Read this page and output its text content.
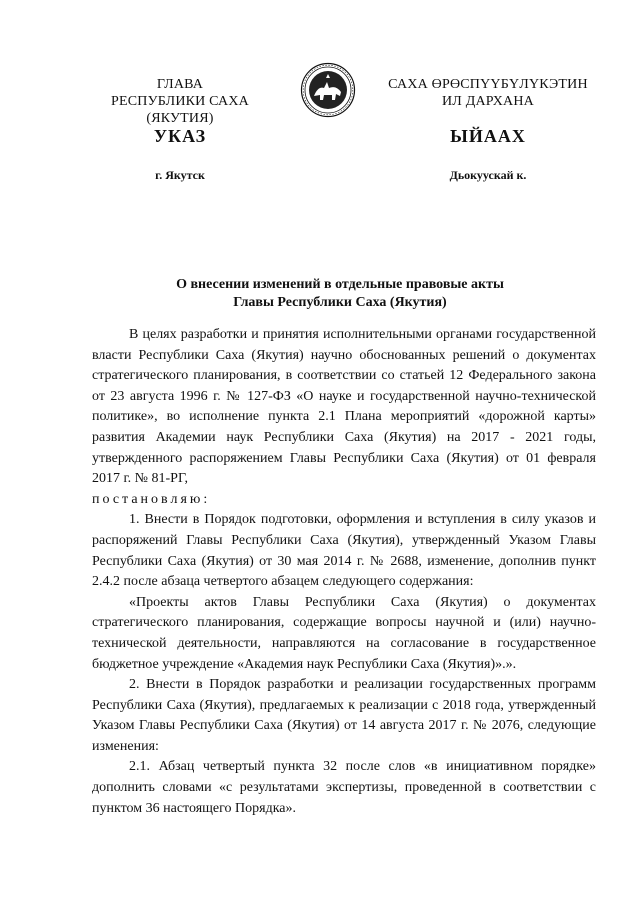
ГЛАВА
РЕСПУБЛИКИ САХА (ЯКУТИЯ)
САХА ӨРӨСПҮҮБҮЛҮКЭТИН
ИЛ ДАРХАНА
УКАЗ	ЫЙААХ
г. Якутск	Дьокуускай к.
О внесении изменений в отдельные правовые акты
Главы Республики Саха (Якутия)

В целях разработки и принятия исполнительными органами государственной власти Республики Саха (Якутия) научно обоснованных решений о документах стратегического планирования, в соответствии со статьей 12 Федерального закона от 23 августа 1996 г. № 127-ФЗ «О науке и государственной научно-технической политике», во исполнение пункта 2.1 Плана мероприятий «дорожной карты» развития Академии наук Республики Саха (Якутия) на 2017 - 2021 годы, утвержденного распоряжением Главы Республики Саха (Якутия) от 01 февраля 2017 г. № 81-РГ,
постановляю:

1. Внести в Порядок подготовки, оформления и вступления в силу указов и распоряжений Главы Республики Саха (Якутия), утвержденный Указом Главы Республики Саха (Якутия) от 30 мая 2014 г. № 2688, изменение, дополнив пункт 2.4.2 после абзаца четвертого абзацем следующего содержания:

«Проекты актов Главы Республики Саха (Якутия) о документах стратегического планирования, содержащие вопросы научной и (или) научно-технической деятельности, направляются на согласование в государственное бюджетное учреждение «Академия наук Республики Саха (Якутия)».».

2. Внести в Порядок разработки и реализации государственных программ Республики Саха (Якутия), предлагаемых к реализации с 2018 года, утвержденный Указом Главы Республики Саха (Якутия) от 14 августа 2017 г. № 2076, следующие изменения:

2.1. Абзац четвертый пункта 32 после слов «в инициативном порядке» дополнить словами «с результатами экспертизы, проведенной в соответствии с пунктом 36 настоящего Порядка».
